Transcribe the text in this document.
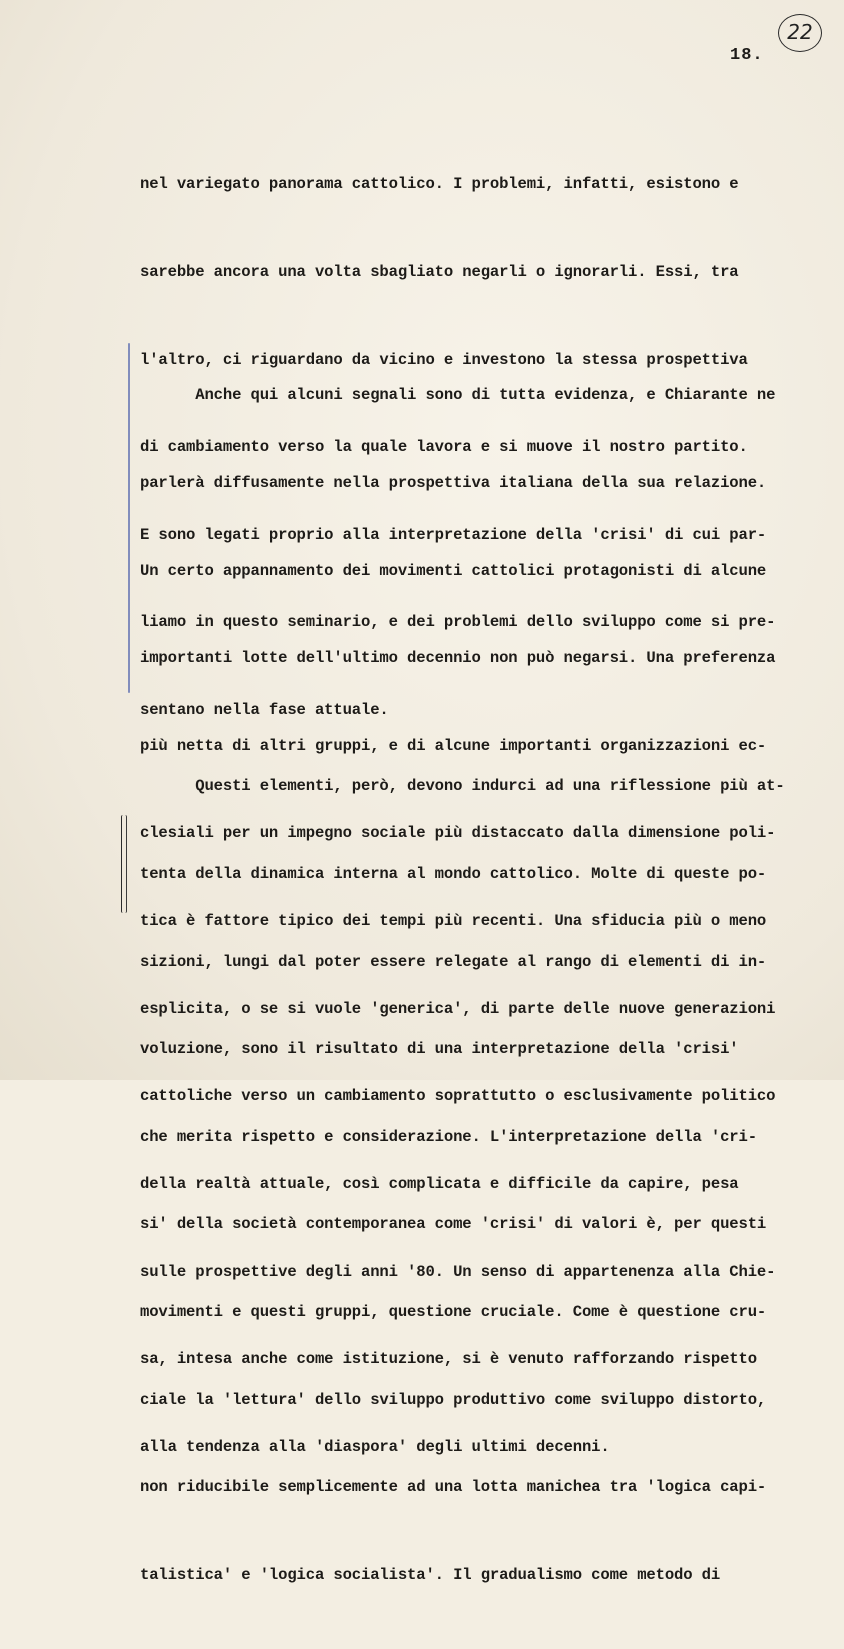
22
18.

nel variegato panorama cattolico. I problemi, infatti, esistono e

sarebbe ancora una volta sbagliato negarli o ignorarli. Essi, tra

l'altro, ci riguardano da vicino e investono la stessa prospettiva

di cambiamento verso la quale lavora e si muove il nostro partito.

E sono legati proprio alla interpretazione della 'crisi' di cui par-

liamo in questo seminario, e dei problemi dello sviluppo come si pre-

sentano nella fase attuale.

Anche qui alcuni segnali sono di tutta evidenza, e Chiarante ne

parlerà diffusamente nella prospettiva italiana della sua relazione.

Un certo appannamento dei movimenti cattolici protagonisti di alcune

importanti lotte dell'ultimo decennio non può negarsi. Una preferenza

più netta di altri gruppi, e di alcune importanti organizzazioni ec-

clesiali per un impegno sociale più distaccato dalla dimensione poli-

tica è fattore tipico dei tempi più recenti. Una sfiducia più o meno

esplicita, o se si vuole 'generica', di parte delle nuove generazioni

cattoliche verso un cambiamento soprattutto o esclusivamente politico

della realtà attuale, così complicata e difficile da capire, pesa

sulle prospettive degli anni '80. Un senso di appartenenza alla Chie-

sa, intesa anche come istituzione, si è venuto rafforzando rispetto

alla tendenza alla 'diaspora' degli ultimi decenni.

Questi elementi, però, devono indurci ad una riflessione più at-

tenta della dinamica interna al mondo cattolico. Molte di queste po-

sizioni, lungi dal poter essere relegate al rango di elementi di in-

voluzione, sono il risultato di una interpretazione della 'crisi'

che merita rispetto e considerazione. L'interpretazione della 'cri-

si' della società contemporanea come 'crisi' di valori è, per questi

movimenti e questi gruppi, questione cruciale. Come è questione cru-

ciale la 'lettura' dello sviluppo produttivo come sviluppo distorto,

non riducibile semplicemente ad una lotta manichea tra 'logica capi-

talistica' e 'logica socialista'. Il gradualismo come metodo di
